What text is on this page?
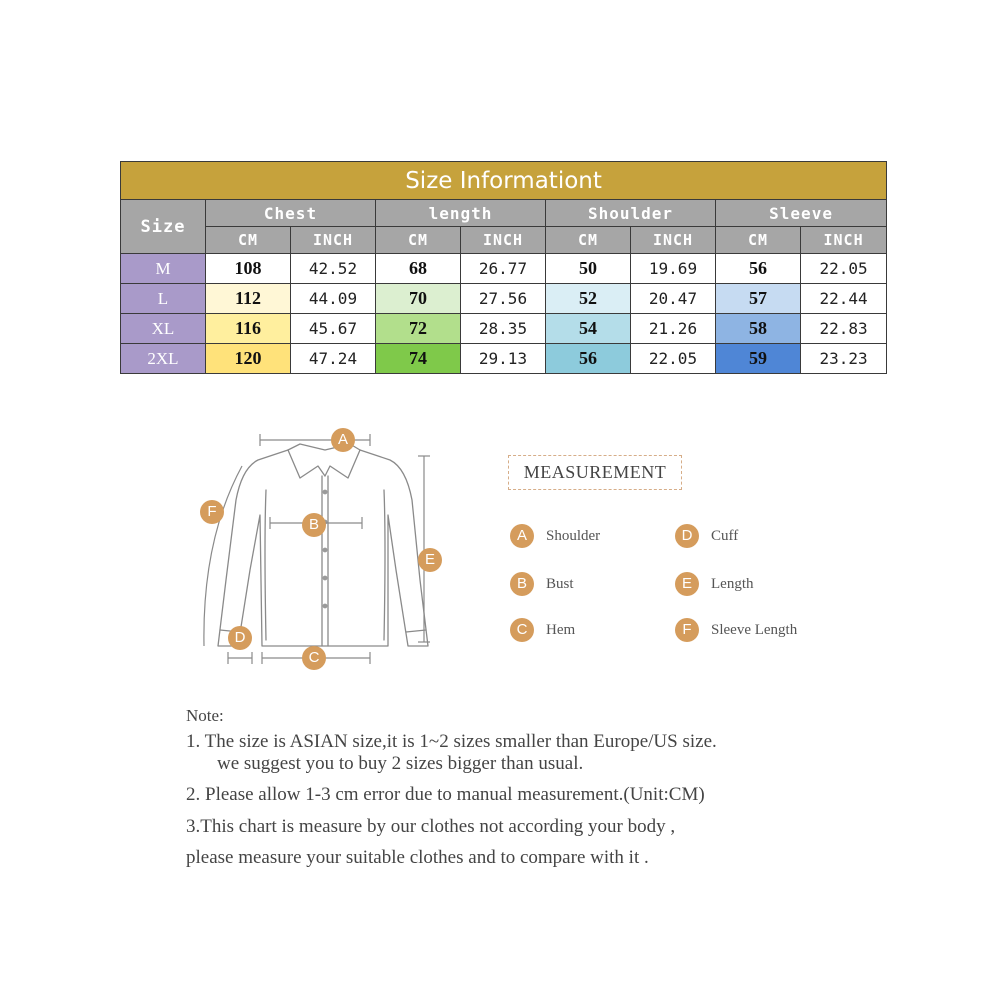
Size Informationt								
Size	Chest		length		Shoulder		Sleeve	
	CM	INCH	CM	INCH	CM	INCH	CM	INCH
M	108	42.52	68	26.77	50	19.69	56	22.05
L	112	44.09	70	27.56	52	20.47	57	22.44
XL	116	45.67	72	28.35	54	21.26	58	22.83
2XL	120	47.24	74	29.13	56	22.05	59	23.23
A
B
C
D
E
F
MEASUREMENT
A	Shoulder
B	Bust
C	Hem
D	Cuff
E	Length
F	Sleeve Length
Note:
1. The size is ASIAN size,it is 1~2 sizes smaller than Europe/US size.
we suggest you to buy 2 sizes bigger than usual.
2. Please allow 1-3 cm error due to manual measurement.(Unit:CM)
3.This chart is measure by our clothes not according your body ,
please measure your suitable clothes and to compare with it .
